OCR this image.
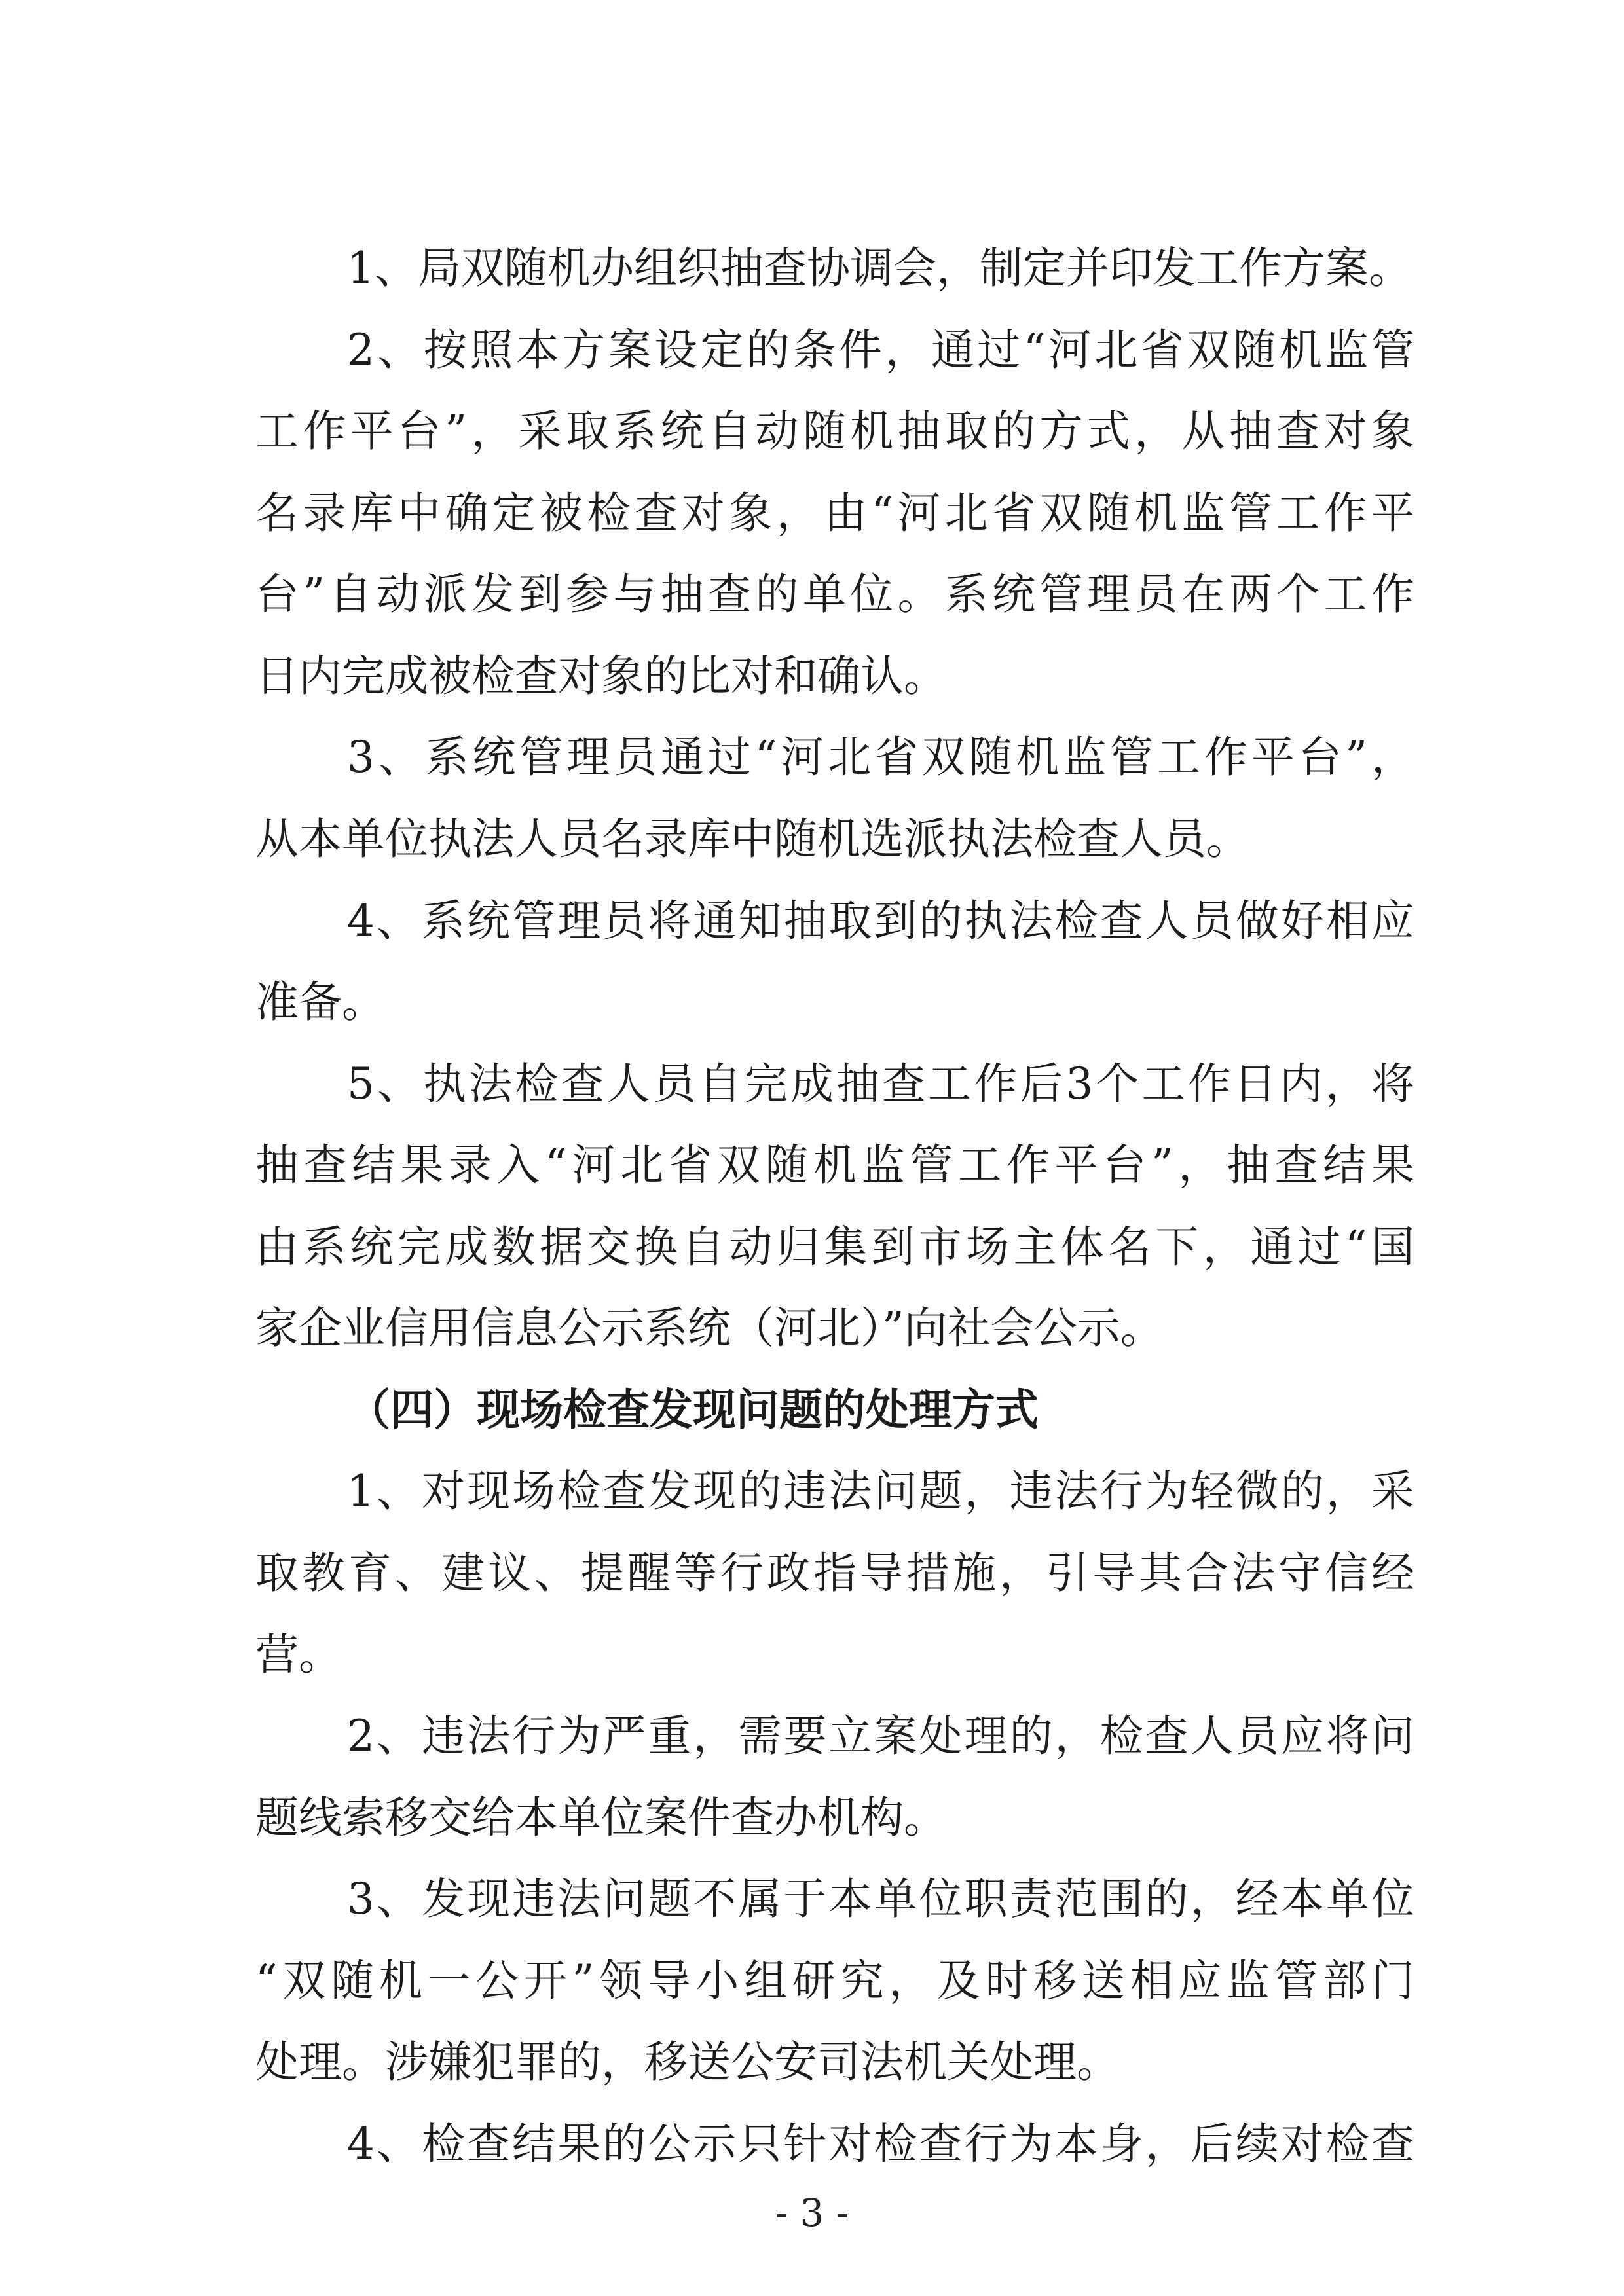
1、局双随机办组织抽查协调会，制定并印发工作方案。
2、按照本方案设定的条件，通过“河北省双随机监管
工作平台”，采取系统自动随机抽取的方式，从抽查对象
名录库中确定被检查对象，由“河北省双随机监管工作平
台”自动派发到参与抽查的单位。系统管理员在两个工作
日内完成被检查对象的比对和确认。
3、系统管理员通过“河北省双随机监管工作平台”，
从本单位执法人员名录库中随机选派执法检查人员。
4、系统管理员将通知抽取到的执法检查人员做好相应
准备。
5、执法检查人员自完成抽查工作后3个工作日内，将
抽查结果录入“河北省双随机监管工作平台”，抽查结果
由系统完成数据交换自动归集到市场主体名下，通过“国
家企业信用信息公示系统（河北）”向社会公示。
（四）现场检查发现问题的处理方式
1、对现场检查发现的违法问题，违法行为轻微的，采
取教育、建议、提醒等行政指导措施，引导其合法守信经
营。
2、违法行为严重，需要立案处理的，检查人员应将问
题线索移交给本单位案件查办机构。
3、发现违法问题不属于本单位职责范围的，经本单位
“双随机一公开”领导小组研究，及时移送相应监管部门
处理。涉嫌犯罪的，移送公安司法机关处理。
- 3 -
4、检查结果的公示只针对检查行为本身，后续对检查
